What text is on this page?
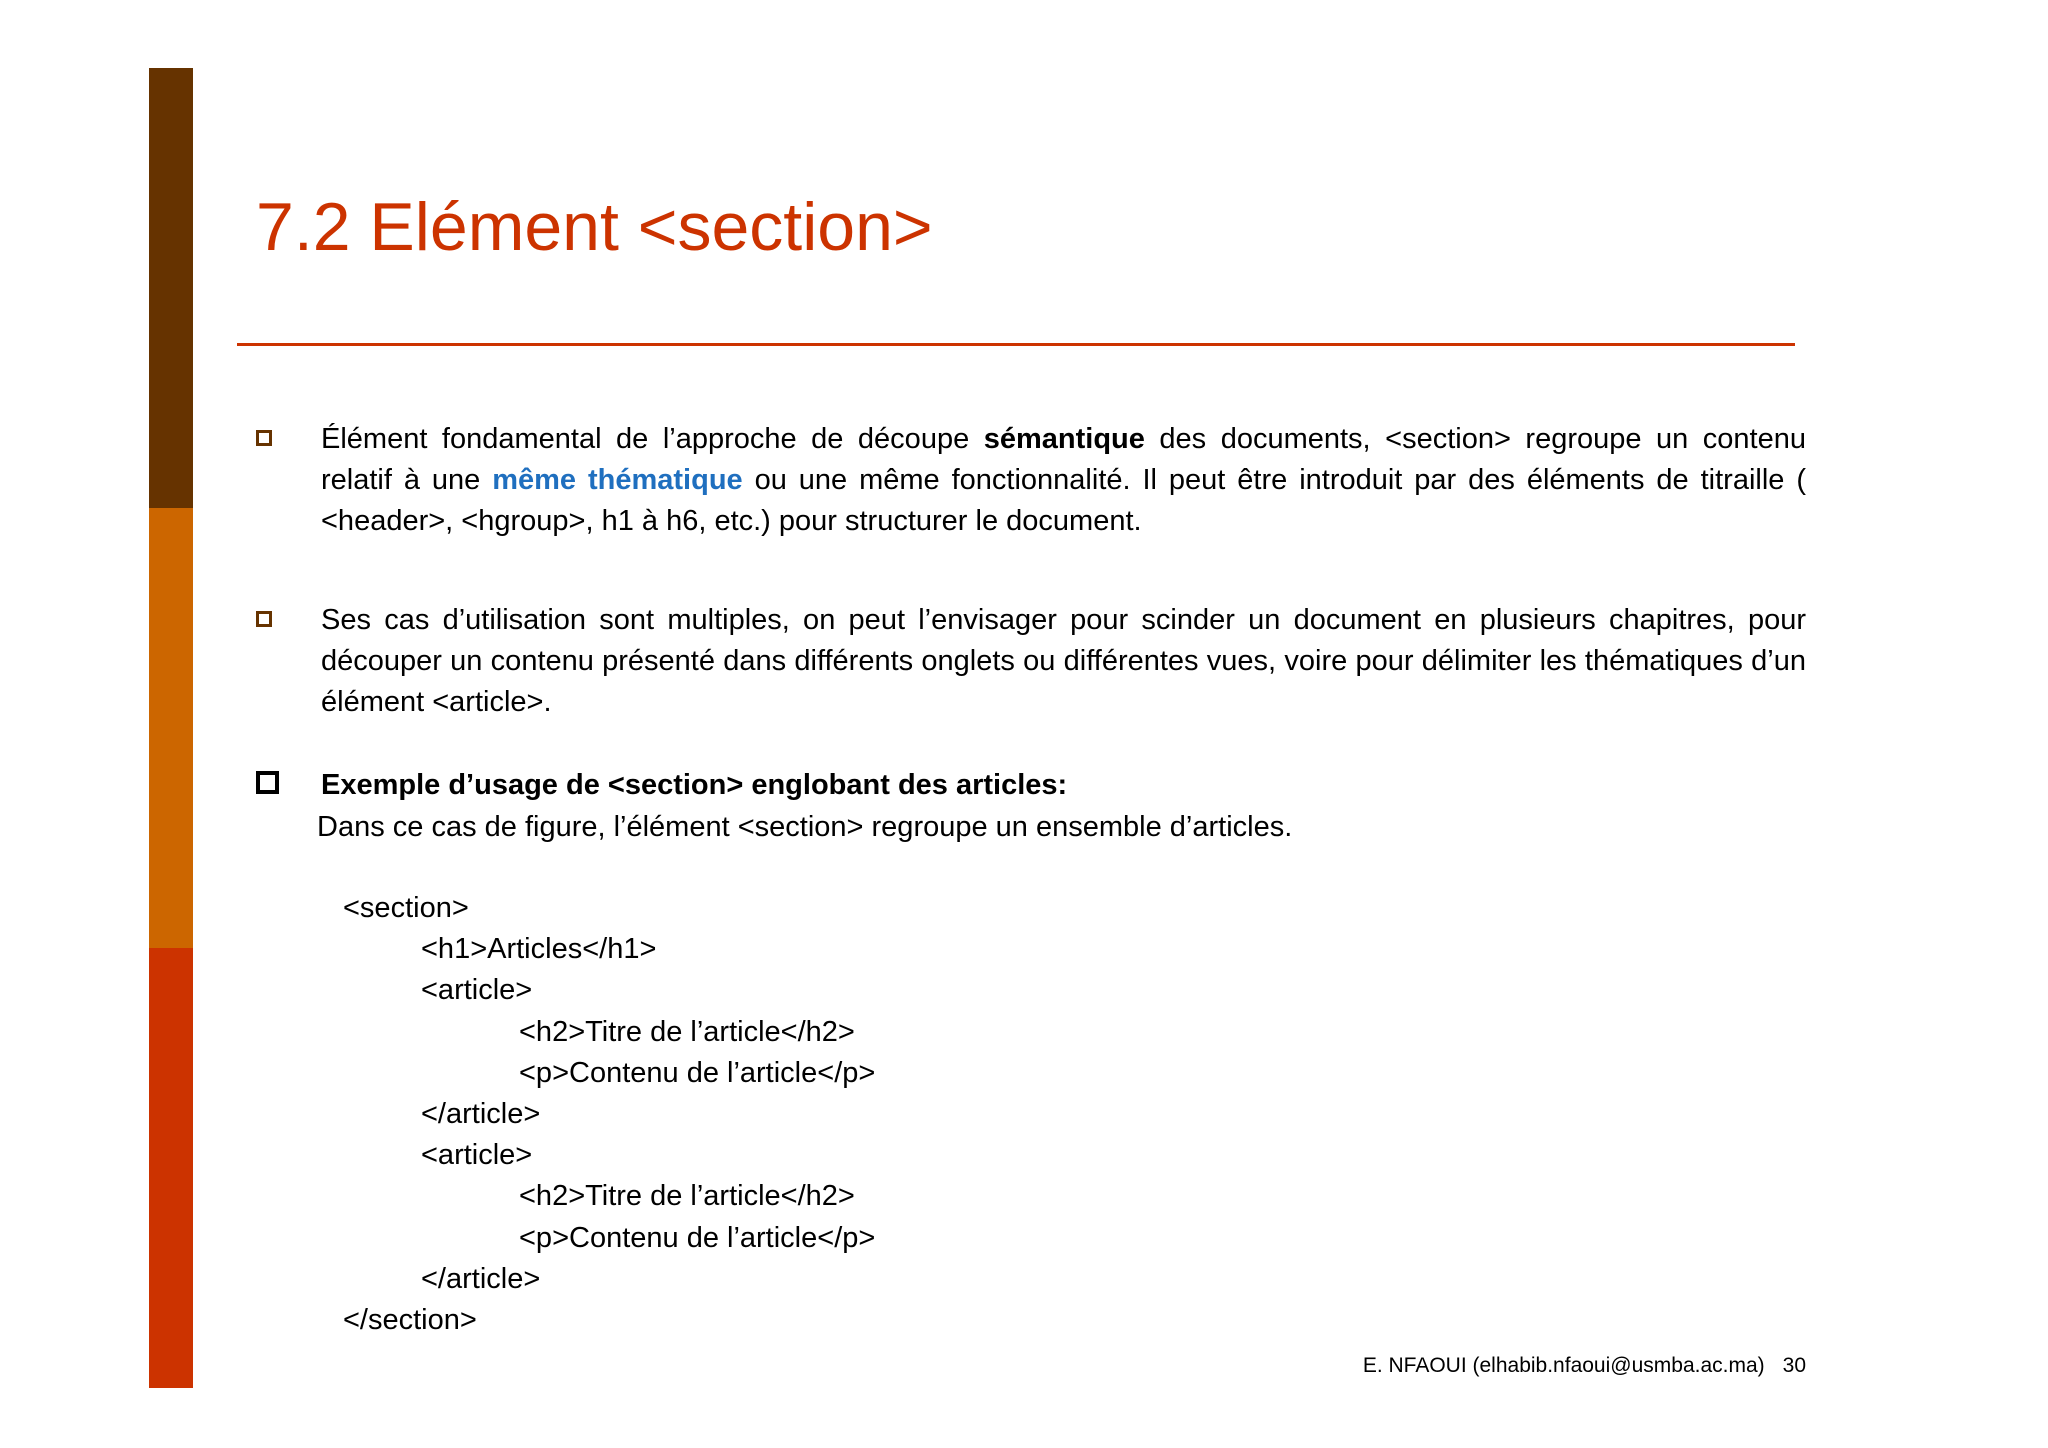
7.2 Elément <section>
Élément fondamental de l’approche de découpe sémantique des documents, <section> regroupe un contenu relatif à une même thématique ou une même fonctionnalité. Il peut être introduit par des éléments de titraille ( <header>, <hgroup>, h1 à h6, etc.) pour structurer le document.
Ses cas d’utilisation sont multiples, on peut l’envisager pour scinder un document en plusieurs chapitres, pour découper un contenu présenté dans différents onglets ou différentes vues, voire pour délimiter les thématiques d’un élément <article>.
Exemple d’usage de <section> englobant des articles:
Dans ce cas de figure, l’élément <section> regroupe un ensemble d’articles.
<section>
<h1>Articles</h1>
<article>
<h2>Titre de l’article</h2>
<p>Contenu de l’article</p>
</article>
<article>
<h2>Titre de l’article</h2>
<p>Contenu de l’article</p>
</article>
</section>
E. NFAOUI (elhabib.nfaoui@usmba.ac.ma) 30
